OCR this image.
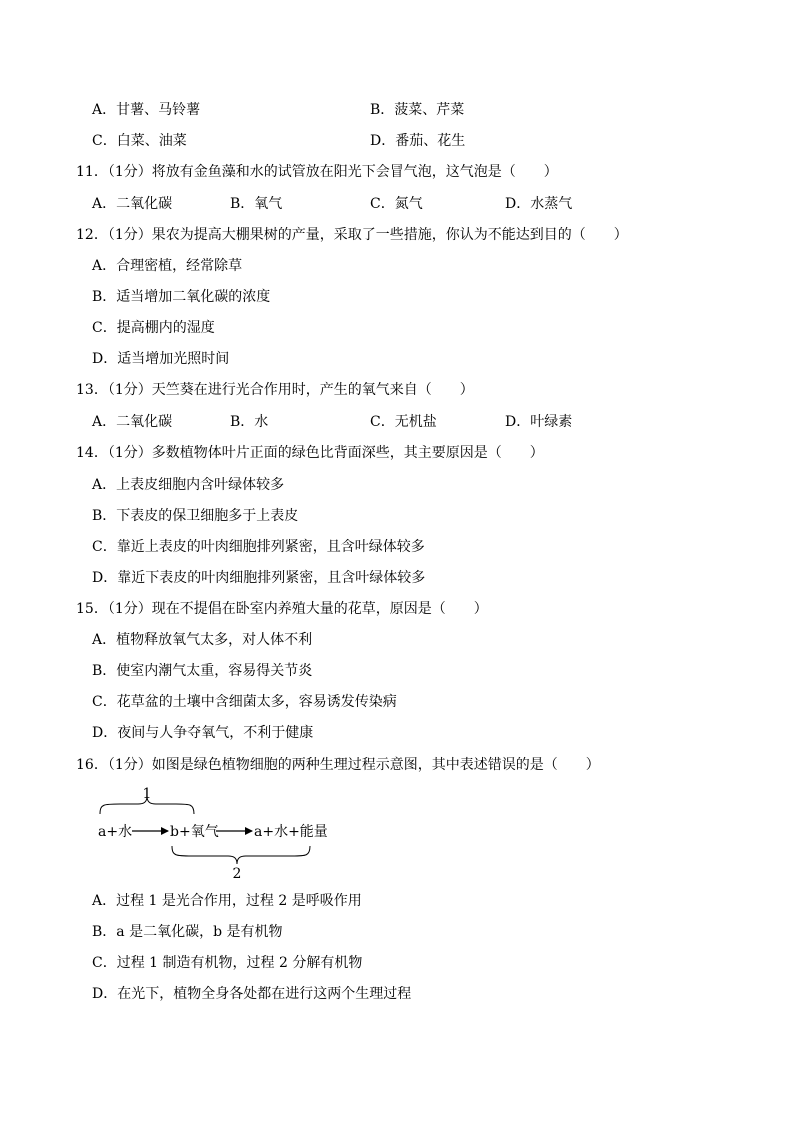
A．甘薯、马铃薯	B．菠菜、芹菜
C．白菜、油菜	D．番茄、花生
11．（1分）将放有金鱼藻和水的试管放在阳光下会冒气泡，这气泡是（　　）
A．二氧化碳	B．氧气	C．氮气	D．水蒸气
12．（1分）果农为提高大棚果树的产量，采取了一些措施，你认为不能达到目的（　　）
A．合理密植，经常除草
B．适当增加二氧化碳的浓度
C．提高棚内的湿度
D．适当增加光照时间
13．（1分）天竺葵在进行光合作用时，产生的氧气来自（　　）
A．二氧化碳	B．水	C．无机盐	D．叶绿素
14．（1分）多数植物体叶片正面的绿色比背面深些，其主要原因是（　　）
A．上表皮细胞内含叶绿体较多
B．下表皮的保卫细胞多于上表皮
C．靠近上表皮的叶肉细胞排列紧密，且含叶绿体较多
D．靠近下表皮的叶肉细胞排列紧密，且含叶绿体较多
15．（1分）现在不提倡在卧室内养殖大量的花草，原因是（　　）
A．植物释放氧气太多，对人体不利
B．使室内潮气太重，容易得关节炎
C．花草盆的土壤中含细菌太多，容易诱发传染病
D．夜间与人争夺氧气，不利于健康
16．（1分）如图是绿色植物细胞的两种生理过程示意图，其中表述错误的是（　　）
1
a+水	b+氧气	a+水+能量
2
A．过程 1 是光合作用，过程 2 是呼吸作用
B．a 是二氧化碳，b 是有机物
C．过程 1 制造有机物，过程 2 分解有机物
D．在光下，植物全身各处都在进行这两个生理过程
